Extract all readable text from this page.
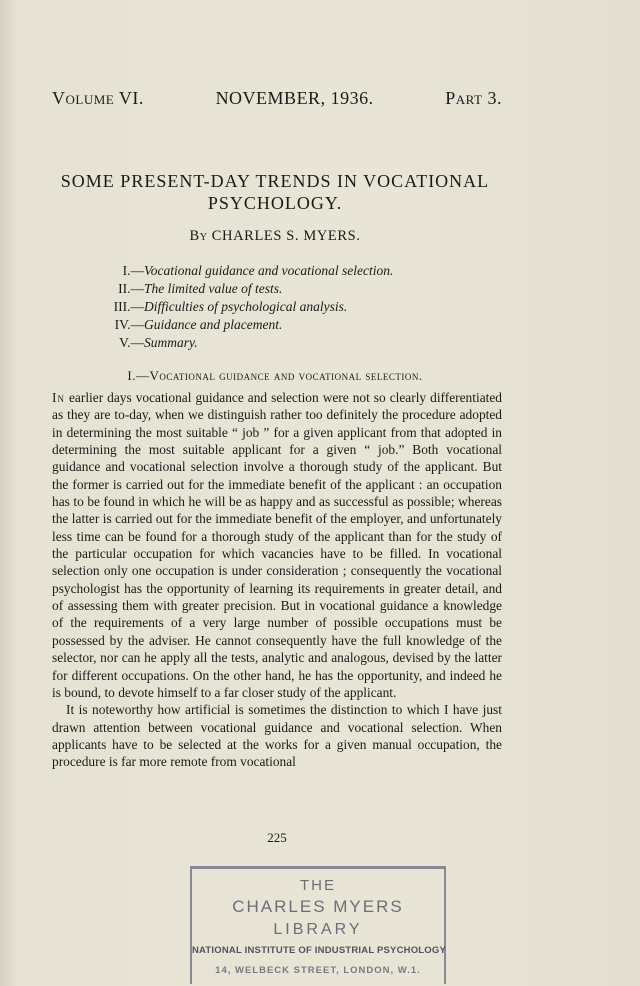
Volume VI.	NOVEMBER, 1936.	Part 3.
SOME PRESENT-DAY TRENDS IN VOCATIONAL
PSYCHOLOGY.
By CHARLES S. MYERS.
I.—Vocational guidance and vocational selection.
II.—The limited value of tests.
III.—Difficulties of psychological analysis.
IV.—Guidance and placement.
V.—Summary.
I.—Vocational guidance and vocational selection.

In earlier days vocational guidance and selection were not so clearly differentiated as they are to-day, when we distinguish rather too definitely the procedure adopted in determining the most suitable “ job ” for a given applicant from that adopted in determining the most suitable applicant for a given “ job.” Both vocational guidance and vocational selection involve a thorough study of the applicant. But the former is carried out for the immediate benefit of the applicant : an occupation has to be found in which he will be as happy and as successful as possible; whereas the latter is carried out for the immediate benefit of the employer, and unfortunately less time can be found for a thorough study of the applicant than for the study of the particular occupation for which vacancies have to be filled. In vocational selection only one occupation is under consideration ; consequently the vocational psychologist has the opportunity of learning its requirements in greater detail, and of assessing them with greater precision. But in vocational guidance a knowledge of the requirements of a very large number of possible occupations must be possessed by the adviser. He cannot consequently have the full knowledge of the selector, nor can he apply all the tests, analytic and analogous, devised by the latter for different occupations. On the other hand, he has the opportunity, and indeed he is bound, to devote himself to a far closer study of the applicant.

It is noteworthy how artificial is sometimes the distinction to which I have just drawn attention between vocational guidance and vocational selection. When applicants have to be selected at the works for a given manual occupation, the procedure is far more remote from vocational

225
THE
CHARLES MYERS
LIBRARY
NATIONAL INSTITUTE OF INDUSTRIAL PSYCHOLOGY
14, WELBECK STREET, LONDON, W.1.
